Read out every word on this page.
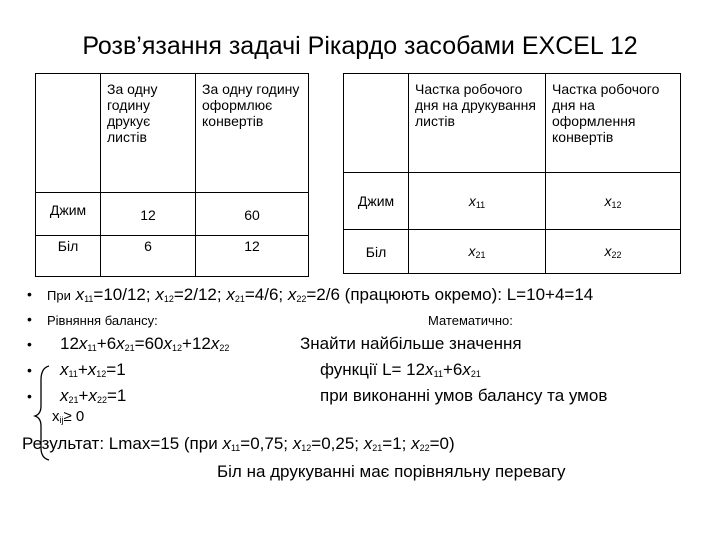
Розв’язання задачі Рікардо засобами EXCEL 12
	За одну годину друкує листів	За одну годину оформлює конвертів
Джим	12	60
Біл	6	12
	Частка робочого дня на друкування листів	Частка робочого дня на оформлення конвертів
Джим	$x_{11}$	$x_{12}$
Біл	$x_{21}$	$x_{22}$
•
•
•
•
•
При $x_{11}=10/12$; $x_{12}=2/12$; $x_{21}=4/6$; $x_{22}=2/6$ (працюють окремо): L=10+4=14
Рівняння балансу:	Математично:
$12x_{11}+6x_{21}=60x_{12}+12x_{22}$	Знайти найбільше значення
$x_{11}+x_{12}=1$	функції $L= 12x_{11}+6x_{21}$
$x_{21}+x_{22}=1$	при виконанні умов балансу та умов
$x_{ij}\ge 0$
Результат: Lmax=15 (при $x_{11}=0,75$; $x_{12}=0,25$; $x_{21}=1$; $x_{22}=0$)
Біл на друкуванні має порівняльну перевагу
